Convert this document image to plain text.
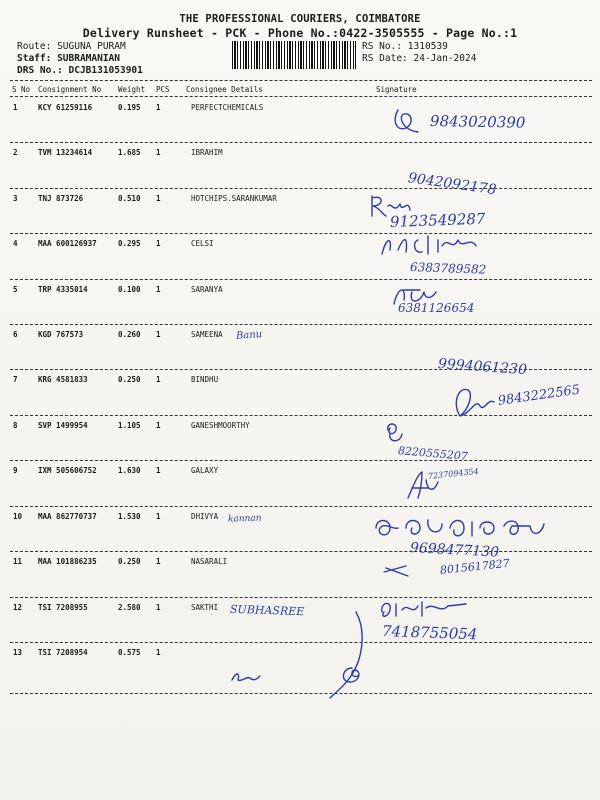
THE PROFESSIONAL COURIERS, COIMBATORE
Delivery Runsheet - PCK - Phone No.:0422-3505555 - Page No.:1
Route: SUGUNA PURAM
Staff: SUBRAMANIAN
DRS No.: DCJB131053901
RS No.: 1310539
RS Date: 24-Jan-2024
S No Consignment No Weight PCS Consignee Details	Signature
1	KCY 61259116	0.195 1	PERFECTCHEMICALS
9843020390
2	TVM 13234614	1.685 1	IBRAHIM
9042092178
3	TNJ 873726	0.510 1	HOTCHIPS.SARANKUMAR
9123549287
4	MAA 600126937	0.295 1	CELSI
6383789582
5	TRP 4335014	0.100 1	SARANYA
6381126654
6	KGD 767573	0.260 1	SAMEENA Banu
9994061230
7	KRG 4581833	0.250 1	BINDHU
9843222565
8	SVP 1499954	1.105 1	GANESHMOORTHY
8220555207
9	IXM 505606752	1.630 1	GALAXY	7237094354
10 MAA 862770737	1.530 1	DHIVYA kannan
9698477130
11 MAA 101886235	0.250 1	NASARALI	8015617827
12 TSI 7208955	2.580 1	SAKTHI SUBHASREE
7418755054
13 TSI 7208954	0.575 1
